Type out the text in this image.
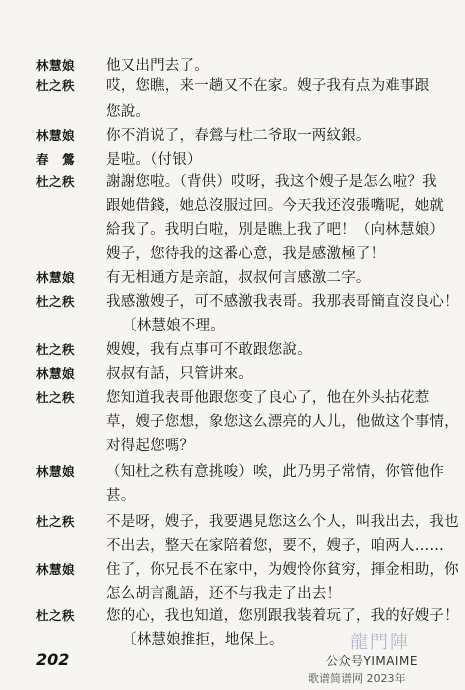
林慧娘 他又出門去了。
杜之秩 哎，您瞧，来一趟又不在家。嫂子我有点为难事跟
您說。
林慧娘 你不消说了，春鶯与杜二爷取一两紋銀。
春　鶯 是啦。（付银）
杜之秩 謝謝您啦。（背供）哎呀，我这个嫂子是怎么啦？我
跟她借錢，她总沒服过回。今天我还沒張嘴呢，她就
給我了。我明白啦，別是瞧上我了吧！（向林慧娘）
嫂子，您待我的这番心意，我是感激極了！
林慧娘 有无相通方是亲誼，叔叔何言感激二字。
杜之秩 我感激嫂子，可不感激我表哥。我那表哥簡直沒良心！
〔林慧娘不理。
杜之秩 嫂嫂，我有点事可不敢跟您說。
林慧娘 叔叔有話，只管讲來。
杜之秩 您知道我表哥他跟您变了良心了，他在外头拈花惹
草，嫂子您想，象您这么漂亮的人儿，他做这个事情，
对得起您嗎？
林慧娘 （知杜之秩有意挑唆）唉，此乃男子常情，你管他作
甚。
杜之秩 不是呀，嫂子，我要遇見您这么个人，叫我出去，我也
不出去，整天在家陪着您，要不，嫂子，咱两人……
林慧娘 住了，你兄長不在家中，为嫂怜你貧穷，揮金相助，你
怎么胡言亂語，还不与我走了出去！
杜之秩 您的心，我也知道，您別跟我装着玩了，我的好嫂子！
〔林慧娘推拒，地保上。
202
龍門陣
公众号YIMAIME
歌谱简谱网 2023年
